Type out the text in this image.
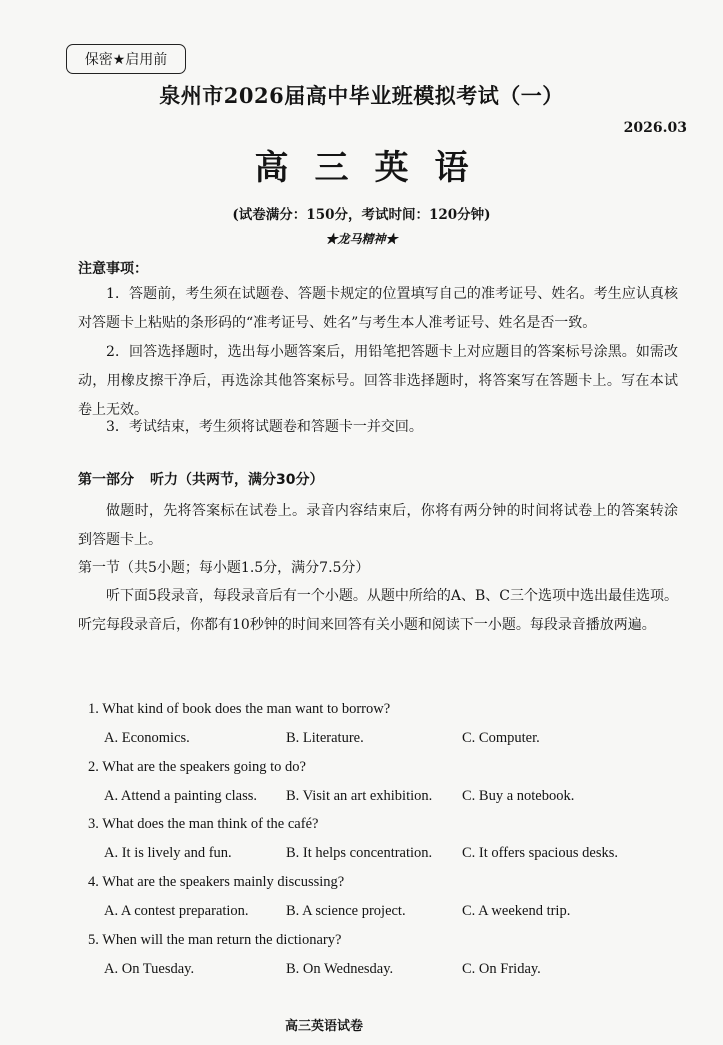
保密★启用前
泉州市2026届高中毕业班模拟考试（一）
2026.03
高三英语
(试卷满分：150分，考试时间：120分钟)
★龙马精神★
注意事项：
1．答题前，考生须在试题卷、答题卡规定的位置填写自己的准考证号、姓名。考生应认真核对答题卡上粘贴的条形码的“准考证号、姓名”与考生本人准考证号、姓名是否一致。
2．回答选择题时，选出每小题答案后，用铅笔把答题卡上对应题目的答案标号涂黑。如需改动，用橡皮擦干净后，再选涂其他答案标号。回答非选择题时，将答案写在答题卡上。写在本试卷上无效。
3．考试结束，考生须将试题卷和答题卡一并交回。
第一部分 听力（共两节，满分30分）
做题时，先将答案标在试卷上。录音内容结束后，你将有两分钟的时间将试卷上的答案转涂到答题卡上。
第一节（共5小题；每小题1.5分，满分7.5分）
听下面5段录音，每段录音后有一个小题。从题中所给的A、B、C三个选项中选出最佳选项。听完每段录音后，你都有10秒钟的时间来回答有关小题和阅读下一小题。每段录音播放两遍。
1. What kind of book does the man want to borrow?
A. Economics.	B. Literature.	C. Computer.
2. What are the speakers going to do?
A. Attend a painting class. B. Visit an art exhibition. C. Buy a notebook.
3. What does the man think of the café?
A. It is lively and fun.	B. It helps concentration. C. It offers spacious desks.
4. What are the speakers mainly discussing?
A. A contest preparation.	B. A science project.	C. A weekend trip.
5. When will the man return the dictionary?
A. On Tuesday.	B. On Wednesday.	C. On Friday.
高三英语试卷
